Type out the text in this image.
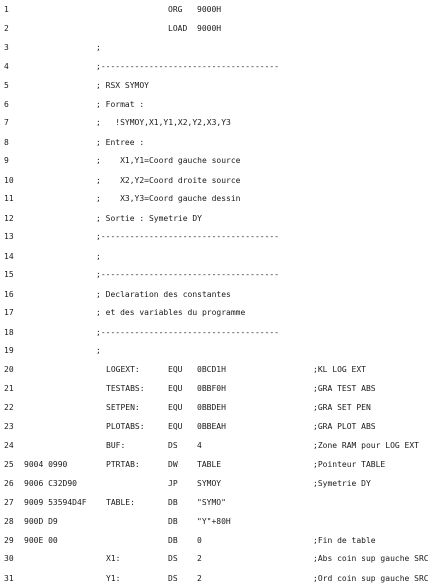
1	ORG 9000H
2	LOAD 9000H
3	;
4	;-------------------------------------
5	; RSX SYMOY
6	; Format :
7	;   !SYMOY,X1,Y1,X2,Y2,X3,Y3
8	; Entree :
9	;    X1,Y1=Coord gauche source
10	;    X2,Y2=Coord droite source
11	;    X3,Y3=Coord gauche dessin
12	; Sortie : Symetrie DY
13	;-------------------------------------
14	;
15	;-------------------------------------
16	; Declaration des constantes
17	; et des variables du programme
18	;-------------------------------------
19	;
20	LOGEXT:	EQU 0BCD1H	;KL LOG EXT
21	TESTABS:	EQU 0BBF0H	;GRA TEST ABS
22	SETPEN:	EQU 0BBDEH	;GRA SET PEN
23	PLOTABS:	EQU 0BBEAH	;GRA PLOT ABS
24	BUF:	DS 4	;Zone RAM pour LOG EXT
25 9004 0990	PTRTAB:	DW TABLE	;Pointeur TABLE
26 9006 C32D90	JP SYMOY	;Symetrie DY
27 9009 53594D4F TABLE:	DB "SYMO"
28 900D D9	DB "Y"+80H
29 900E 00	DB 0	;Fin de table
30	X1:	DS 2	;Abs coin sup gauche SRC
31	Y1:	DS 2	;Ord coin sup gauche SRC
